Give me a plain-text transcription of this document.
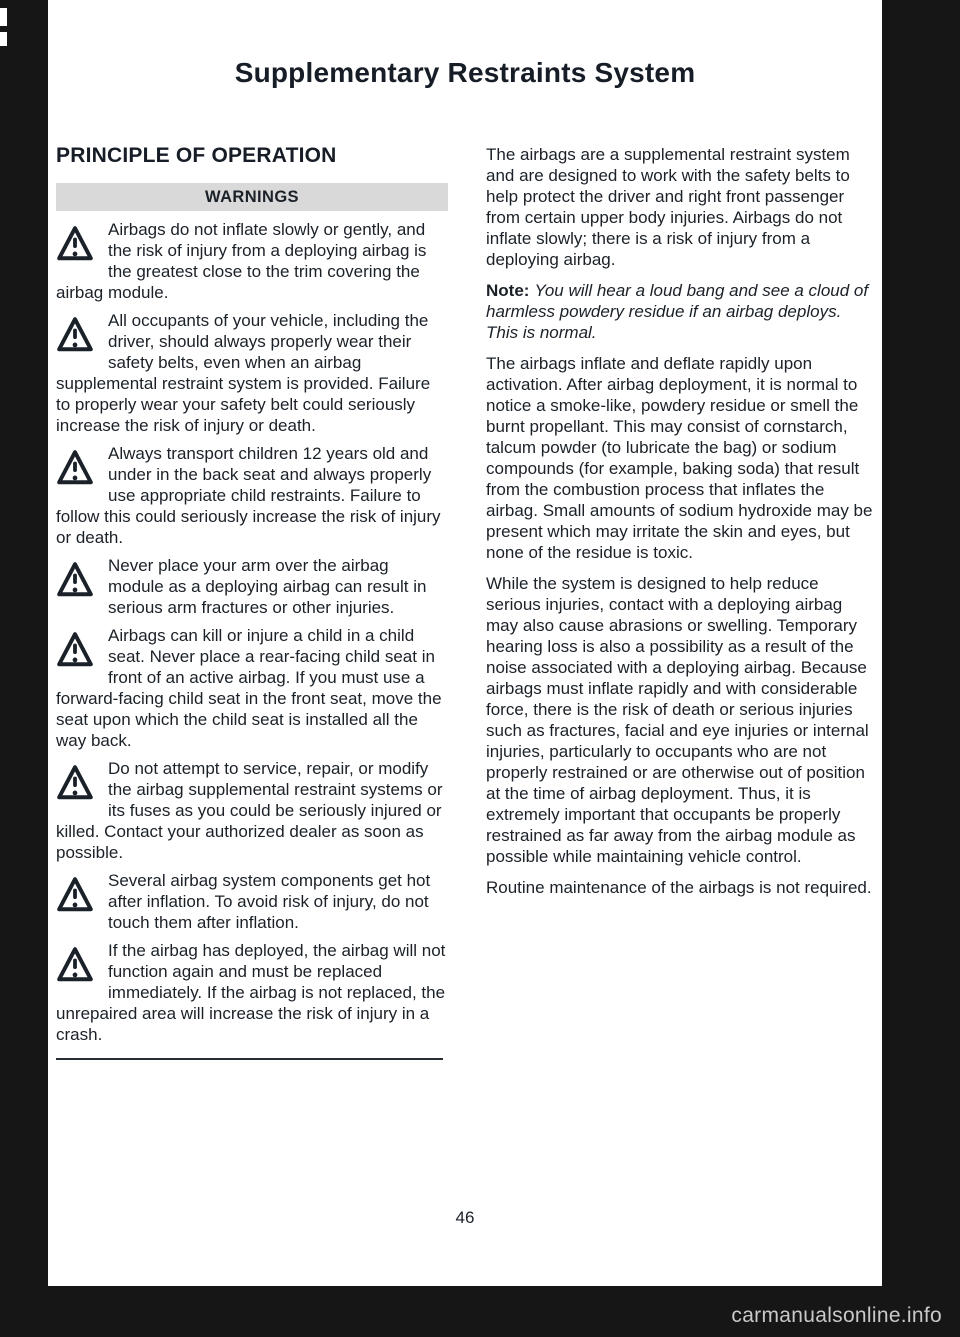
Supplementary Restraints System
PRINCIPLE OF OPERATION
WARNINGS
Airbags do not inflate slowly or gently, and the risk of injury from a deploying airbag is the greatest close to the trim covering the airbag module.
All occupants of your vehicle, including the driver, should always properly wear their safety belts, even when an airbag supplemental restraint system is provided. Failure to properly wear your safety belt could seriously increase the risk of injury or death.
Always transport children 12 years old and under in the back seat and always properly use appropriate child restraints. Failure to follow this could seriously increase the risk of injury or death.
Never place your arm over the airbag module as a deploying airbag can result in serious arm fractures or other injuries.
Airbags can kill or injure a child in a child seat. Never place a rear-facing child seat in front of an active airbag. If you must use a forward-facing child seat in the front seat, move the seat upon which the child seat is installed all the way back.
Do not attempt to service, repair, or modify the airbag supplemental restraint systems or its fuses as you could be seriously injured or killed. Contact your authorized dealer as soon as possible.
Several airbag system components get hot after inflation. To avoid risk of injury, do not touch them after inflation.
If the airbag has deployed, the airbag will not function again and must be replaced immediately. If the airbag is not replaced, the unrepaired area will increase the risk of injury in a crash.

The airbags are a supplemental restraint system and are designed to work with the safety belts to help protect the driver and right front passenger from certain upper body injuries. Airbags do not inflate slowly; there is a risk of injury from a deploying airbag.

Note: You will hear a loud bang and see a cloud of harmless powdery residue if an airbag deploys. This is normal.

The airbags inflate and deflate rapidly upon activation. After airbag deployment, it is normal to notice a smoke-like, powdery residue or smell the burnt propellant. This may consist of cornstarch, talcum powder (to lubricate the bag) or sodium compounds (for example, baking soda) that result from the combustion process that inflates the airbag. Small amounts of sodium hydroxide may be present which may irritate the skin and eyes, but none of the residue is toxic.

While the system is designed to help reduce serious injuries, contact with a deploying airbag may also cause abrasions or swelling. Temporary hearing loss is also a possibility as a result of the noise associated with a deploying airbag. Because airbags must inflate rapidly and with considerable force, there is the risk of death or serious injuries such as fractures, facial and eye injuries or internal injuries, particularly to occupants who are not properly restrained or are otherwise out of position at the time of airbag deployment. Thus, it is extremely important that occupants be properly restrained as far away from the airbag module as possible while maintaining vehicle control.

Routine maintenance of the airbags is not required.

46
carmanualsonline.info
